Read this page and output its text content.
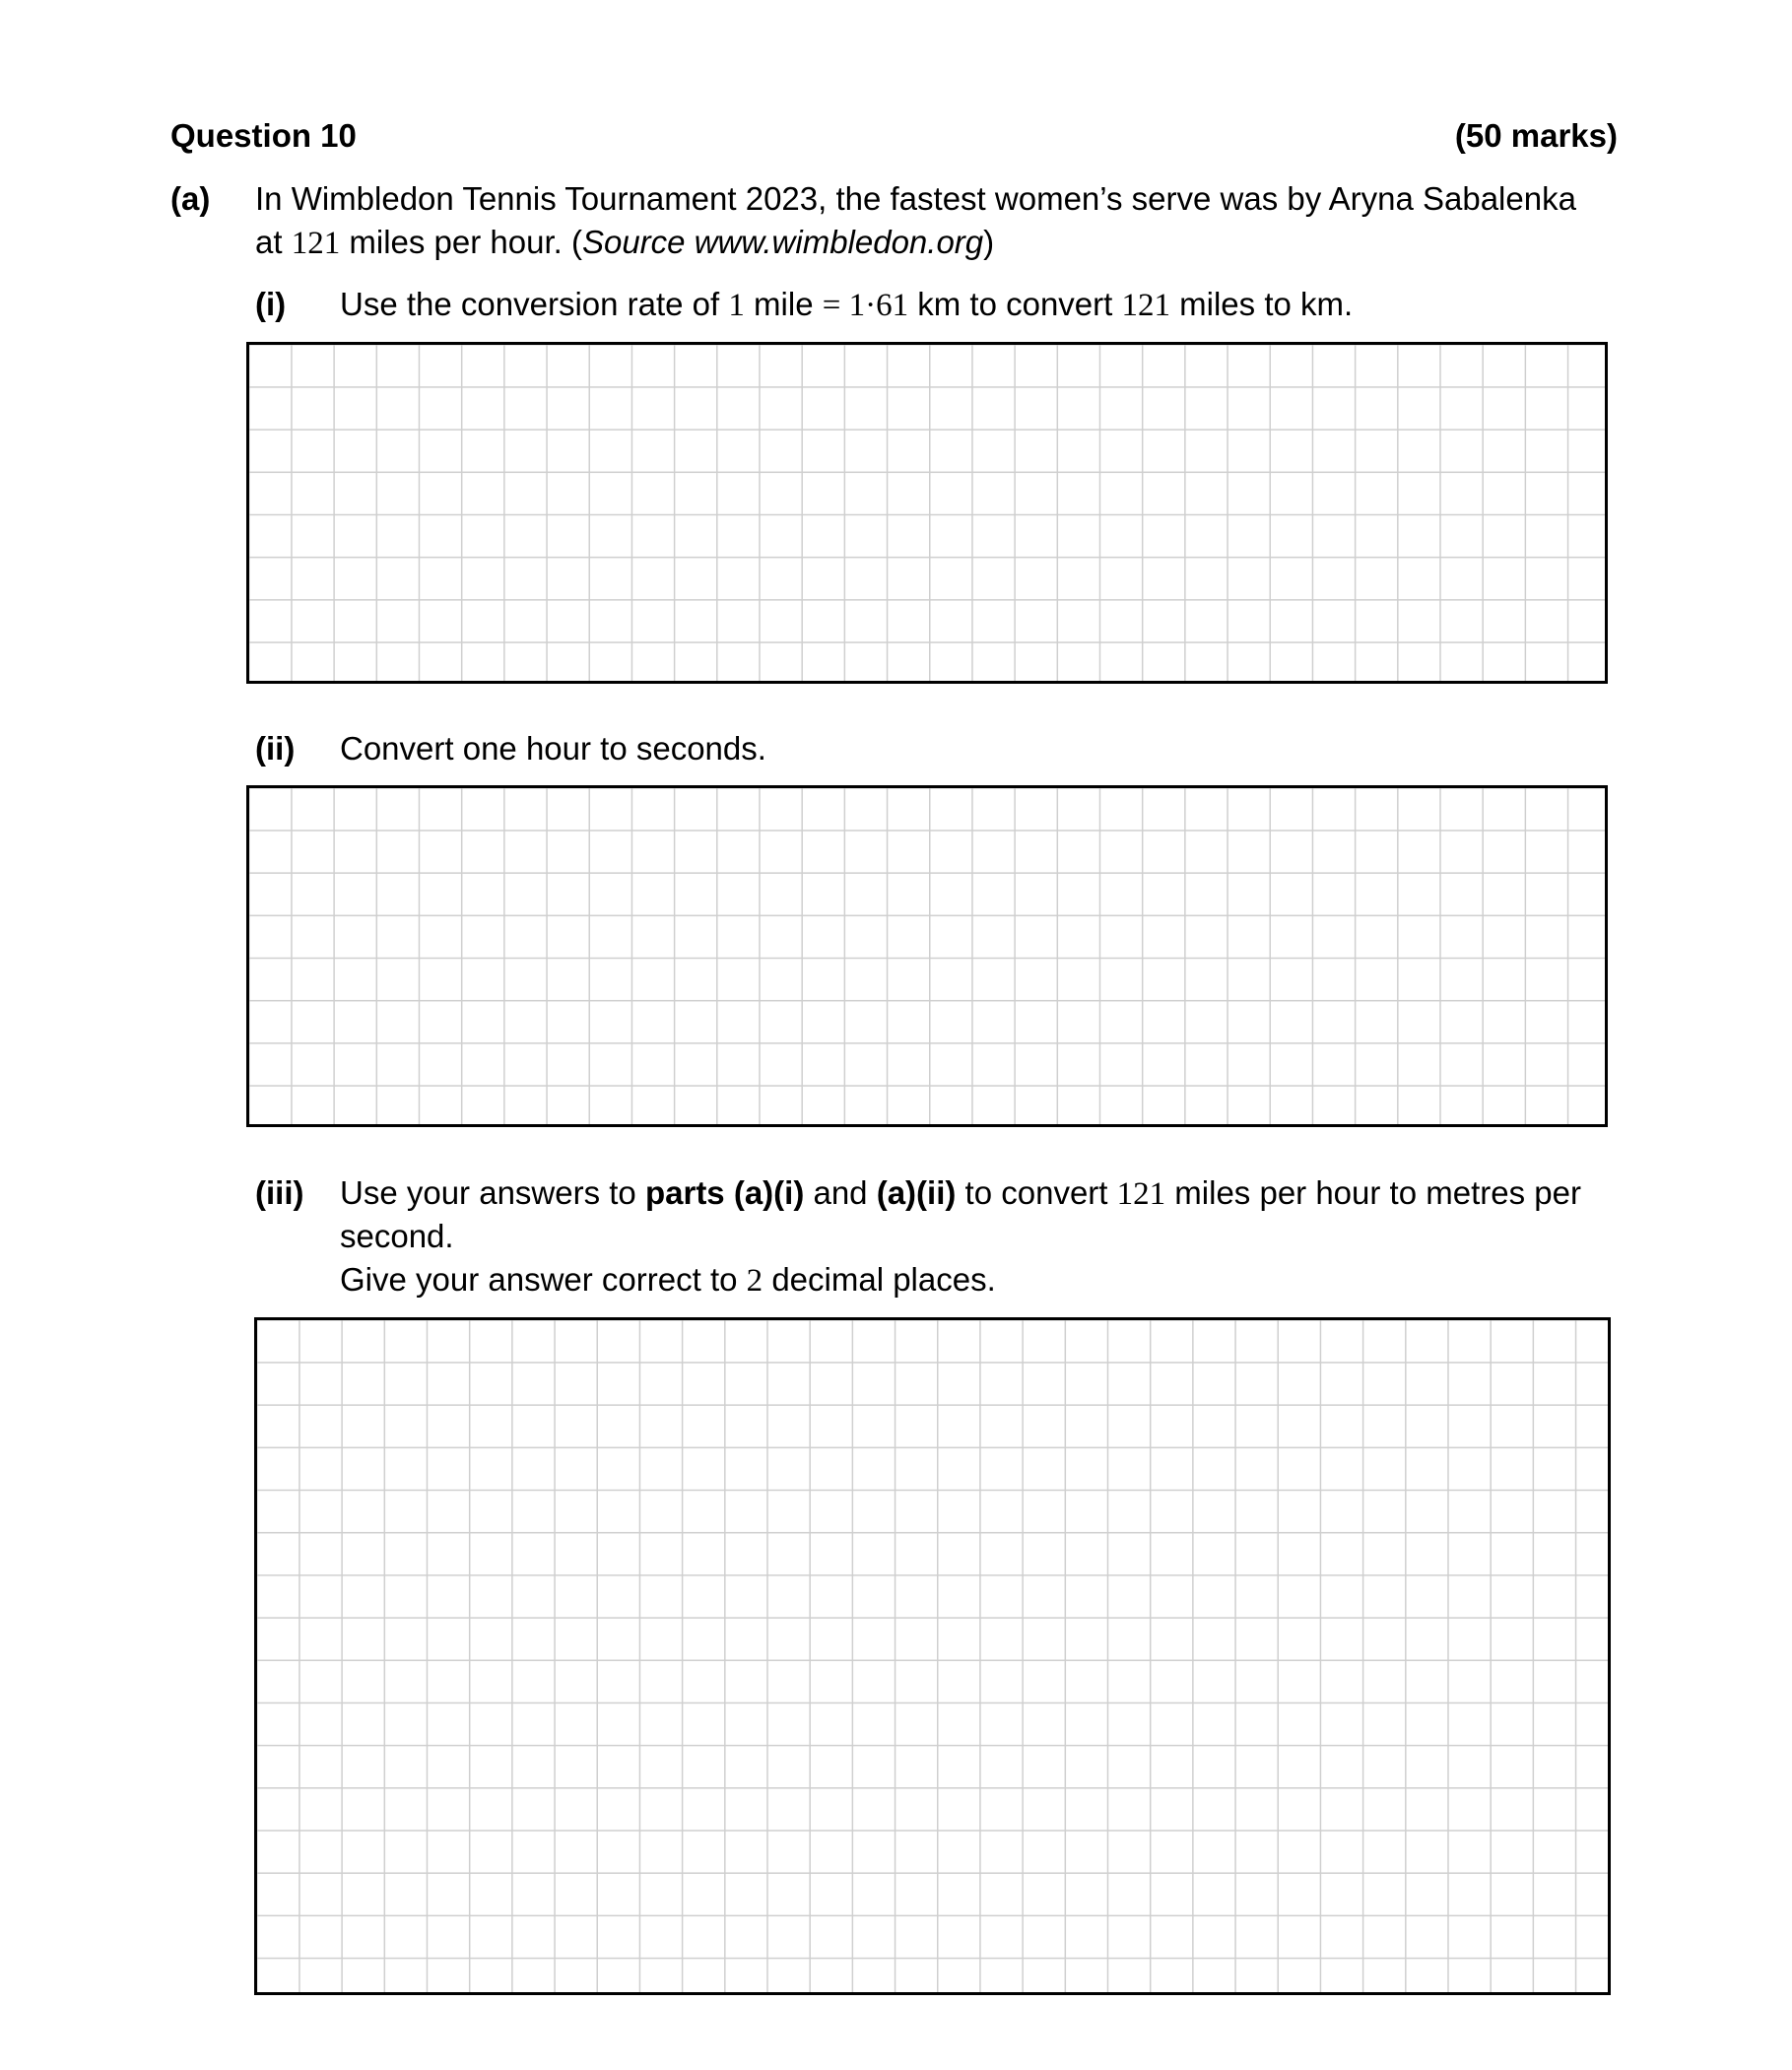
Question 10	(50 marks)
(a) In Wimbledon Tennis Tournament 2023, the fastest women’s serve was by Aryna Sabalenka
at 121 miles per hour. (Source www.wimbledon.org)
(i) Use the conversion rate of 1 mile = 1·61 km to convert 121 miles to km.
(ii) Convert one hour to seconds.
(iii) Use your answers to parts (a)(i) and (a)(ii) to convert 121 miles per hour to metres per
second.
Give your answer correct to 2 decimal places.
